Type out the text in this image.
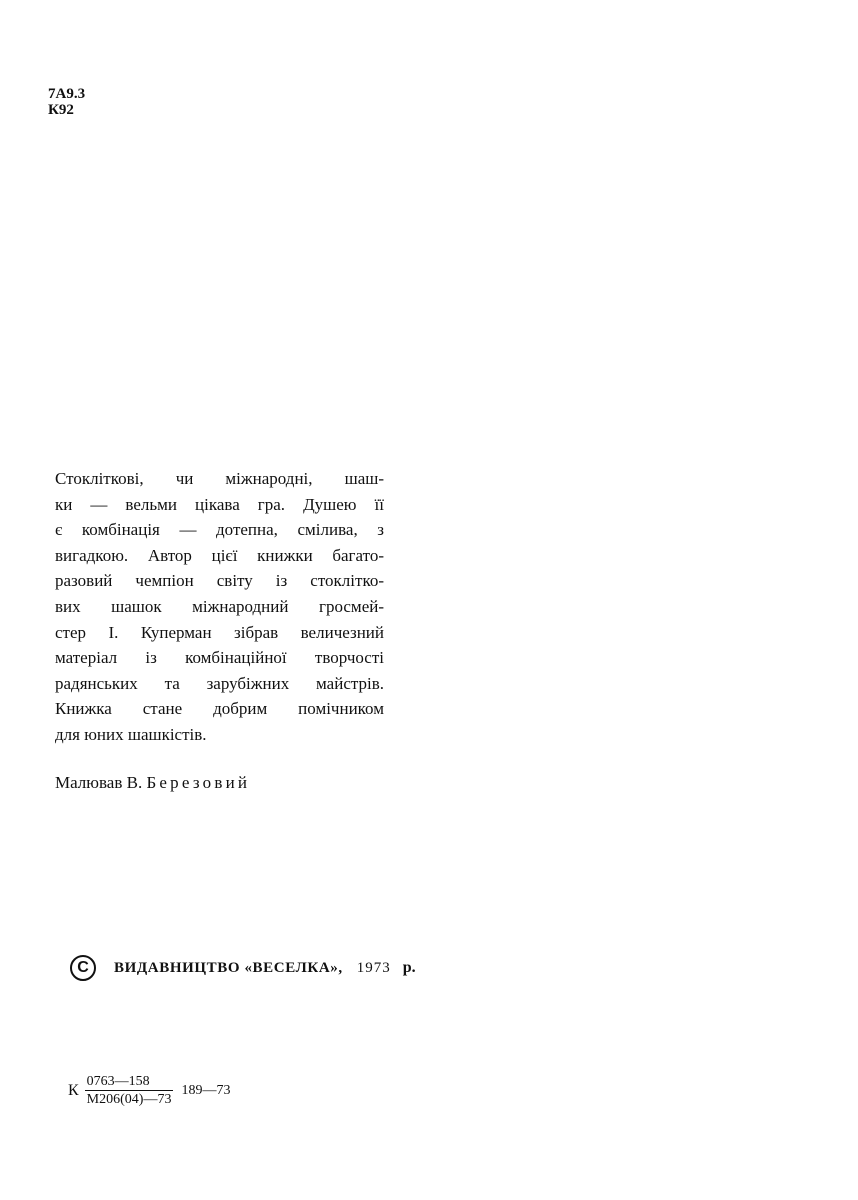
7А9.3
К92
Стокліткові, чи міжнародні, шаш-
ки — вельми цікава гра. Душею її
є комбінація — дотепна, смілива, з
вигадкою. Автор цієї книжки багато-
разовий чемпіон світу із стоклітко-
вих шашок міжнародний гросмей-
стер І. Куперман зібрав величезний
матеріал із комбінаційної творчості
радянських та зарубіжних майстрів.
Книжка стане добрим помічником
для юних шашкістів.
Малював В. Березовий
C	ВИДАВНИЦТВО «ВЕСЕЛКА», 1973 р.
К $\frac{0763—158}{М206(04)—73}$ 189—73
